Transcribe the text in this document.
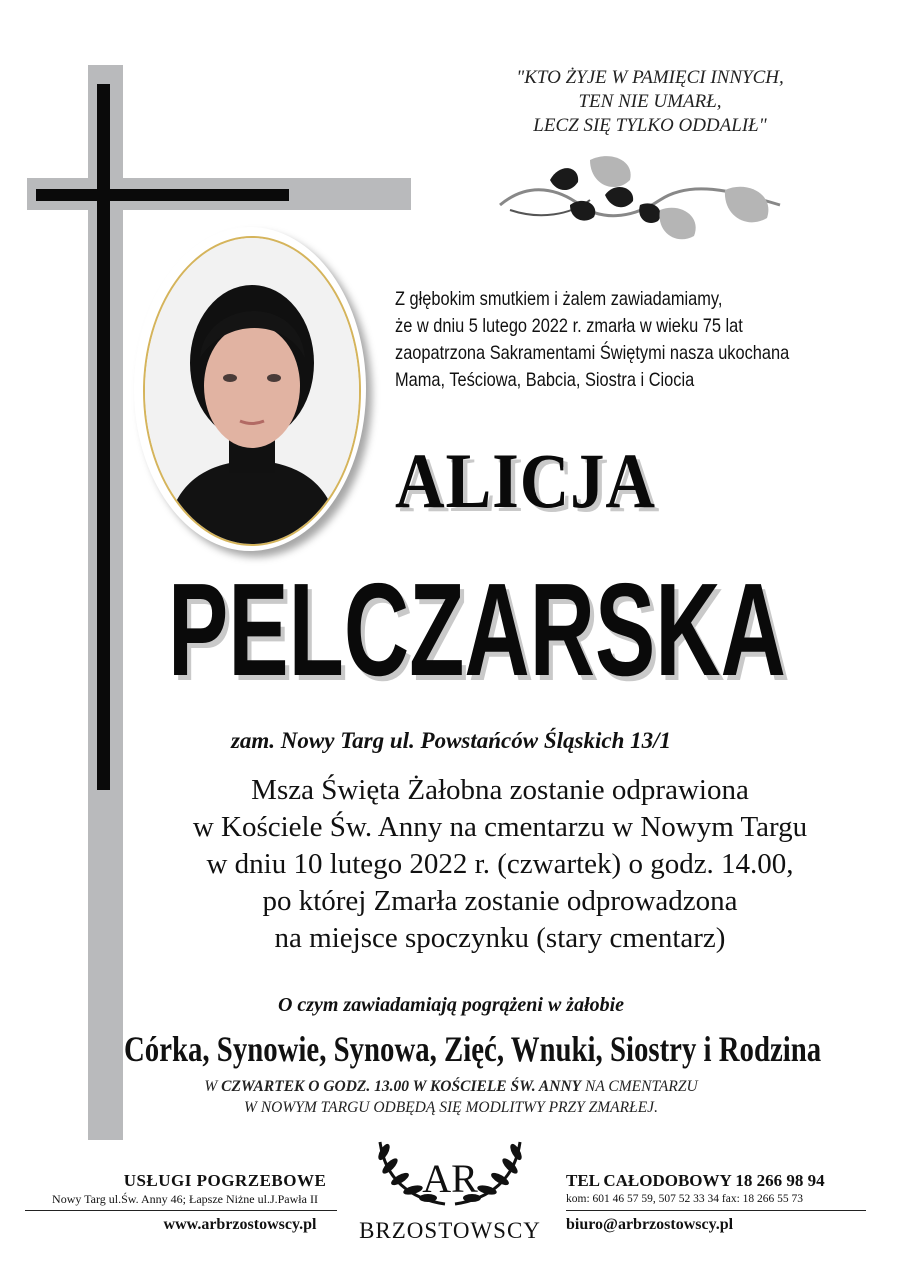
"KTO ŻYJE W PAMIĘCI INNYCH,
TEN NIE UMARŁ,
LECZ SIĘ TYLKO ODDALIŁ"
Z głębokim smutkiem i żalem zawiadamiamy,
że w dniu 5 lutego 2022 r. zmarła w wieku 75 lat
zaopatrzona Sakramentami Świętymi nasza ukochana
Mama, Teściowa, Babcia, Siostra i Ciocia
ALICJA
PELCZARSKA
zam. Nowy Targ ul. Powstańców Śląskich 13/1
Msza Święta Żałobna zostanie odprawiona
w Kościele Św. Anny na cmentarzu w Nowym Targu
w dniu 10 lutego 2022 r. (czwartek) o godz. 14.00,
po której Zmarła zostanie odprowadzona
na miejsce spoczynku (stary cmentarz)
O czym zawiadamiają pogrążeni w żałobie
Córka, Synowie, Synowa, Zięć, Wnuki, Siostry i Rodzina
W CZWARTEK O GODZ. 13.00 W KOŚCIELE ŚW. ANNY NA CMENTARZU
W NOWYM TARGU ODBĘDĄ SIĘ MODLITWY PRZY ZMARŁEJ.
USŁUGI POGRZEBOWE
Nowy Targ ul.Św. Anny 46; Łapsze Niżne ul.J.Pawła II
www.arbrzostowscy.pl
AR
BRZOSTOWSCY
TEL CAŁODOBOWY 18 266 98 94
kom: 601 46 57 59, 507 52 33 34 fax: 18 266 55 73
biuro@arbrzostowscy.pl
